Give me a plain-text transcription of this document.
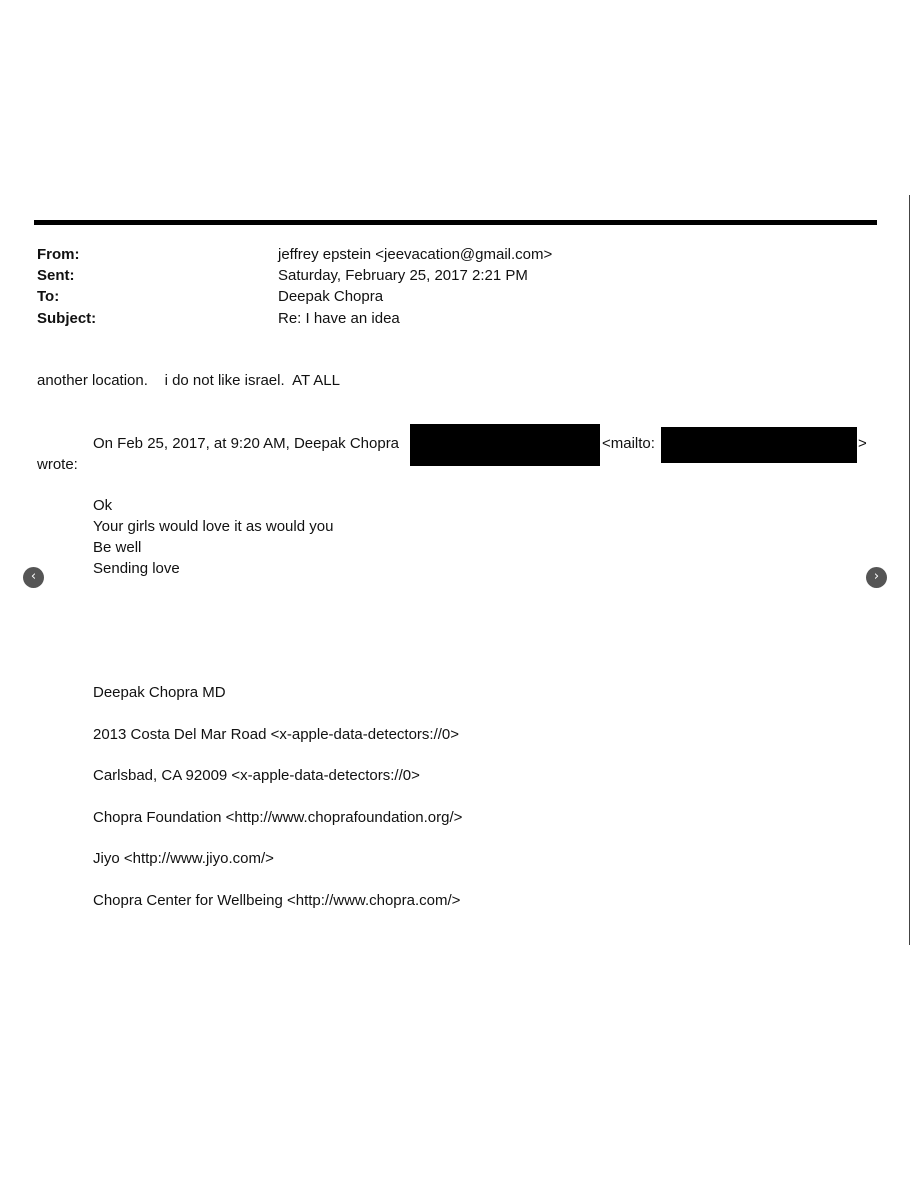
From:	jeffrey epstein <jeevacation@gmail.com>
Sent:	Saturday, February 25, 2017 2:21 PM
To:	Deepak Chopra
Subject:	Re: I have an idea
another location.    i do not like israel.  AT ALL
On Feb 25, 2017, at 9:20 AM, Deepak Chopra	<mailto:	>
wrote:
Ok
Your girls would love it as would you
Be well
Sending love
Deepak Chopra MD
2013 Costa Del Mar Road <x-apple-data-detectors://0>
Carlsbad, CA 92009 <x-apple-data-detectors://0>
Chopra Foundation <http://www.choprafoundation.org/>
Jiyo <http://www.jiyo.com/>
Chopra Center for Wellbeing <http://www.chopra.com/>
‹	›
